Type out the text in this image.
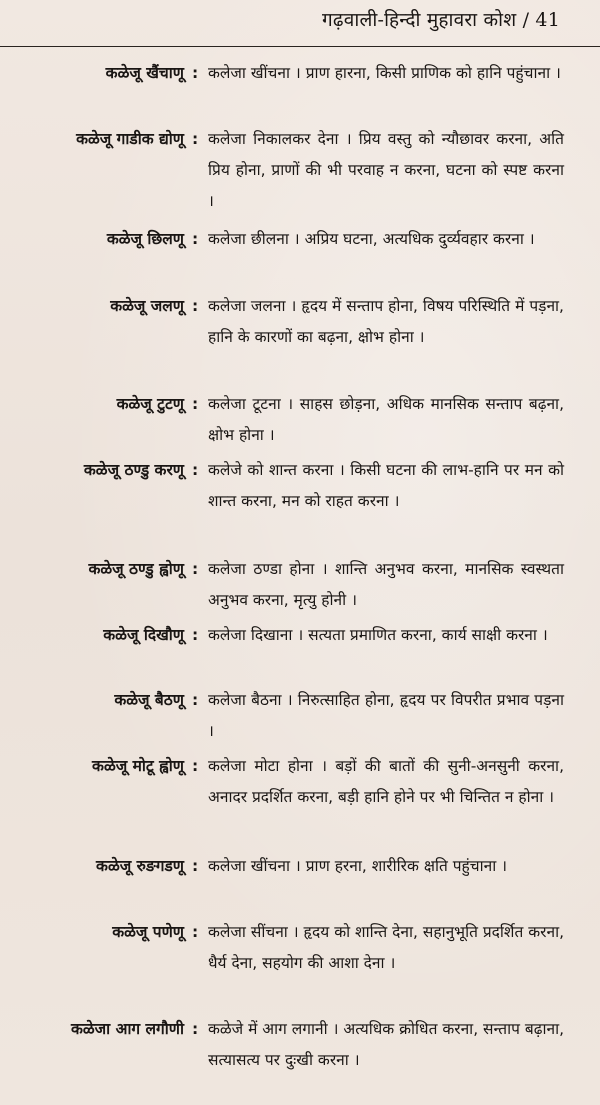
गढ़वाली-हिन्दी मुहावरा कोश / 41
कळेजू खैंचाणू : कलेजा खींचना । प्राण हारना, किसी प्राणिक को हानि पहुंचाना ।
कळेजू गाडीक द्योणू : कलेजा निकालकर देना । प्रिय वस्तु को न्यौछावर करना, अति प्रिय होना, प्राणों की भी परवाह न करना, घटना को स्पष्ट करना ।
कळेजू छिलणू : कलेजा छीलना । अप्रिय घटना, अत्यधिक दुर्व्यवहार करना ।
कळेजू जलणू : कलेजा जलना । हृदय में सन्ताप होना, विषय परिस्थिति में पड़ना, हानि के कारणों का बढ़ना, क्षोभ होना ।
कळेजू टुटणू : कलेजा टूटना । साहस छोड़ना, अधिक मानसिक सन्ताप बढ़ना, क्षोभ होना ।
कळेजू ठण्डु करणू : कलेजे को शान्त करना । किसी घटना की लाभ-हानि पर मन को शान्त करना, मन को राहत करना ।
कळेजू ठण्डु ह्वोणू : कलेजा ठण्डा होना । शान्ति अनुभव करना, मानसिक स्वस्थता अनुभव करना, मृत्यु होनी ।
कळेजू दिखौणू : कलेजा दिखाना । सत्यता प्रमाणित करना, कार्य साक्षी करना ।
कळेजू बैठणू : कलेजा बैठना । निरुत्साहित होना, हृदय पर विपरीत प्रभाव पड़ना ।
कळेजू मोटू ह्वोणू : कलेजा मोटा होना । बड़ों की बातों की सुनी-अनसुनी करना, अनादर प्रदर्शित करना, बड़ी हानि होने पर भी चिन्तित न होना ।
कळेजू रुङगडणू : कलेजा खींचना । प्राण हरना, शारीरिक क्षति पहुंचाना ।
कळेजू पणेणू : कलेजा सींचना । हृदय को शान्ति देना, सहानुभूति प्रदर्शित करना, धैर्य देना, सहयोग की आशा देना ।
कळेजा आग लगौणी : कळेजे में आग लगानी । अत्यधिक क्रोधित करना, सन्ताप बढ़ाना, सत्यासत्य पर दुःखी करना ।
